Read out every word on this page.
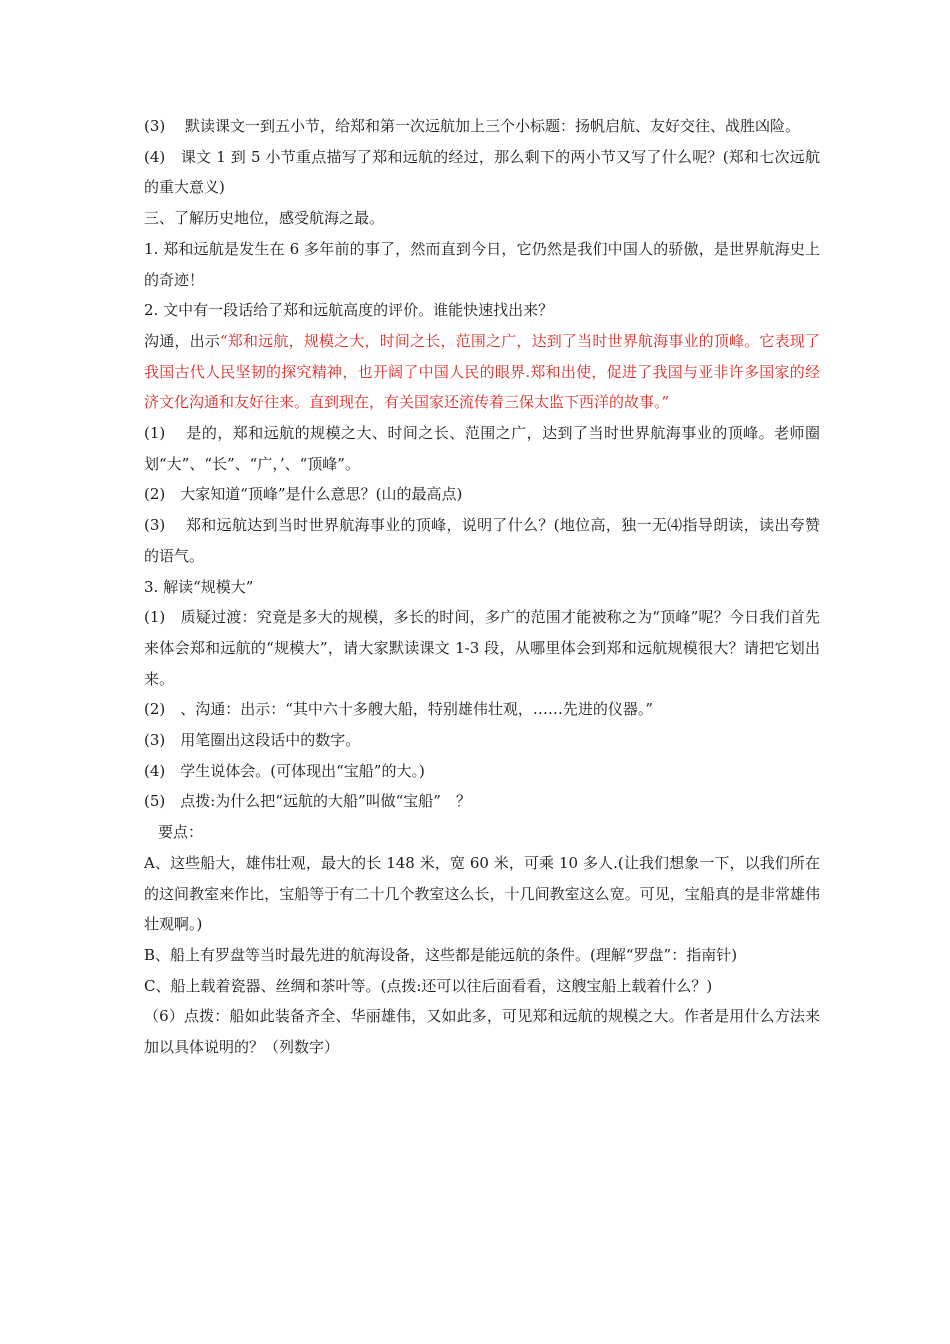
(3)　 默读课文一到五小节，给郑和第一次远航加上三个小标题：扬帆启航、友好交往、战胜凶险。

(4)　课文 1 到 5 小节重点描写了郑和远航的经过，那么剩下的两小节又写了什么呢？(郑和七次远航的重大意义)

三、了解历史地位，感受航海之最。

1. 郑和远航是发生在 6 多年前的事了，然而直到今日，它仍然是我们中国人的骄傲，是世界航海史上的奇迹！

2. 文中有一段话给了郑和远航高度的评价。谁能快速找出来？

沟通，出示“郑和远航，规模之大，时间之长，范围之广，达到了当时世界航海事业的顶峰。它表现了我国古代人民坚韧的探究精神，也开阔了中国人民的眼界.郑和出使，促进了我国与亚非许多国家的经济文化沟通和友好往来。直到现在，有关国家还流传着三保太监下西洋的故事。”

(1)　 是的，郑和远航的规模之大、时间之长、范围之广，达到了当时世界航海事业的顶峰。老师圈划“大”、“长”、“广，’、“顶峰”。

(2)　大家知道“顶峰”是什么意思？(山的最高点)

(3)　 郑和远航达到当时世界航海事业的顶峰，说明了什么？(地位高，独一无⑷指导朗读，读出夸赞的语气。

3. 解读“规模大”

(1)　质疑过渡：究竟是多大的规模，多长的时间，多广的范围才能被称之为“顶峰”呢？今日我们首先来体会郑和远航的“规模大”，请大家默读课文 1-3 段，从哪里体会到郑和远航规模很大？请把它划出来。

(2)　、沟通：出示：“其中六十多艘大船，特别雄伟壮观，……先进的仪器。”

(3)　用笔圈出这段话中的数字。

(4)　学生说体会。(可体现出“宝船”的大。)

(5)　点拨:为什么把“远航的大船”叫做“宝船”　？

要点：

A、这些船大，雄伟壮观，最大的长 148 米，宽 60 米，可乘 10 多人.(让我们想象一下，以我们所在的这间教室来作比，宝船等于有二十几个教室这么长，十几间教室这么宽。可见，宝船真的是非常雄伟壮观啊。)

B、船上有罗盘等当时最先进的航海设备，这些都是能远航的条件。(理解“罗盘”：指南针)

C、船上载着瓷器、丝绸和茶叶等。(点拨:还可以往后面看看，这艘宝船上载着什么？)

（6）点拨：船如此装备齐全、华丽雄伟，又如此多，可见郑和远航的规模之大。作者是用什么方法来加以具体说明的？（列数字）
